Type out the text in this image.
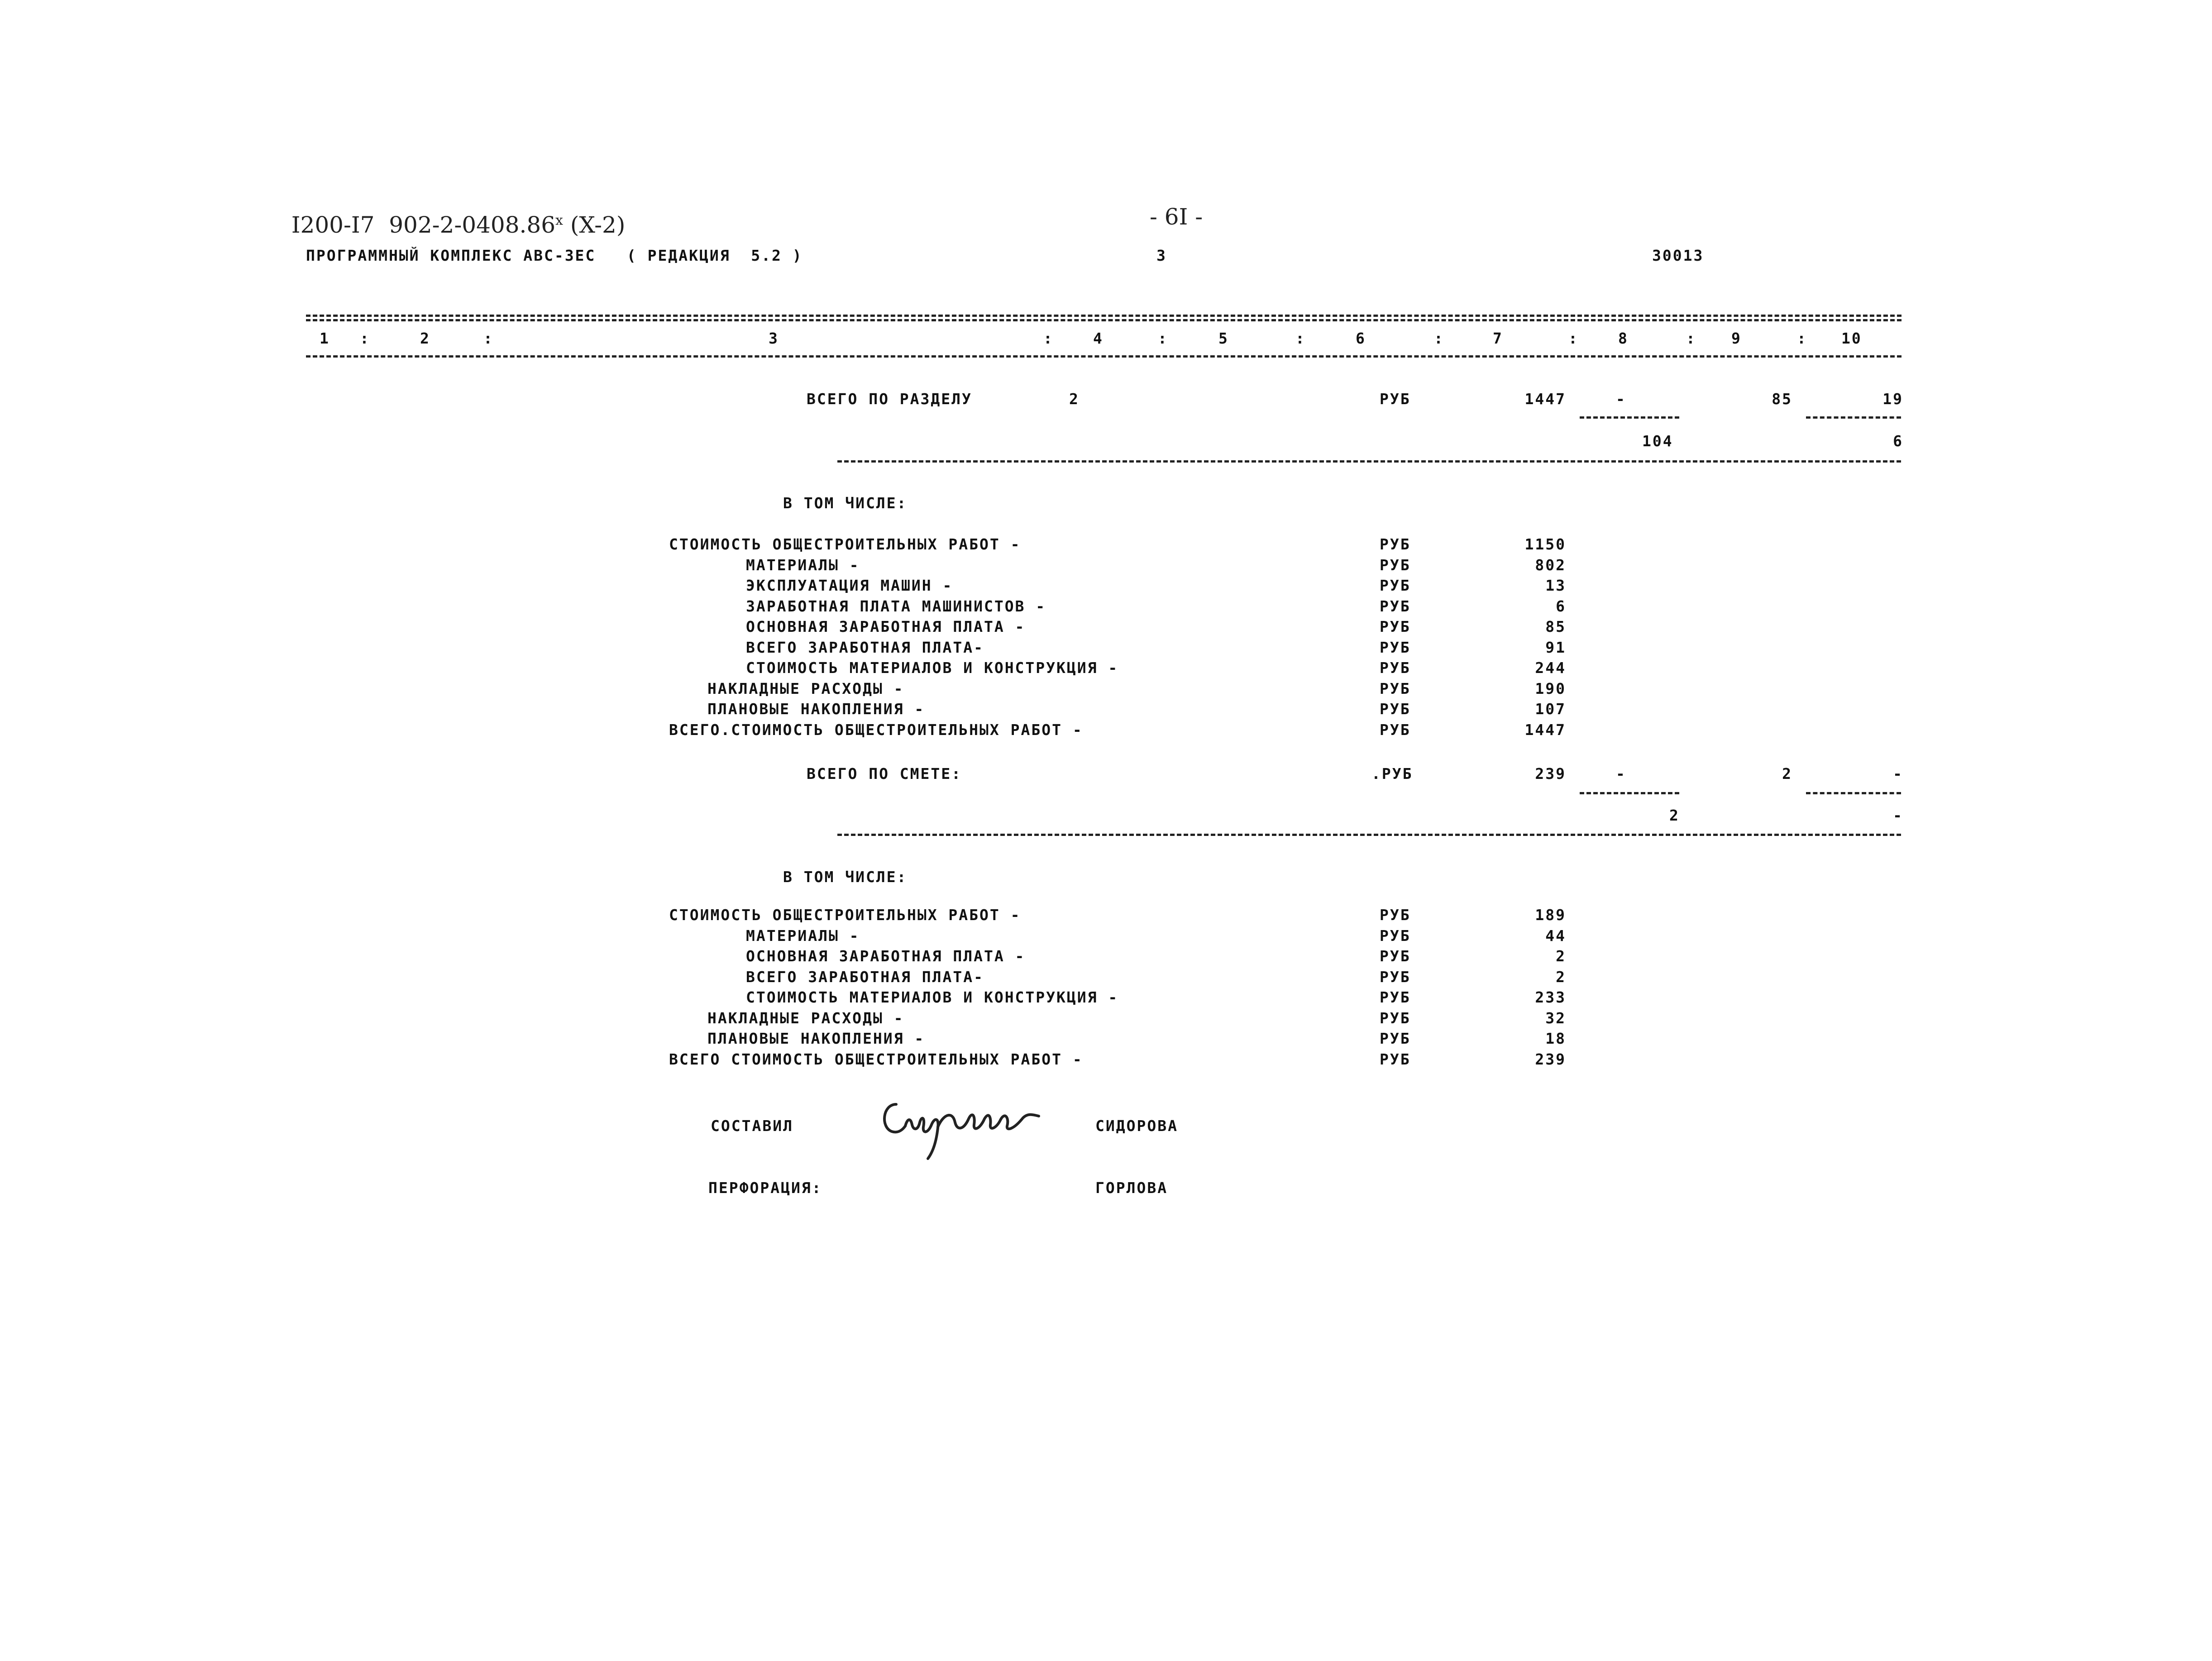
I200-I7  902-2-0408.86$^x$ (X-2)	- 6I -
ПРОГРАММНЫЙ КОМПЛЕКС АВС-3ЕС   ( РЕДАКЦИЯ  5.2 )	3	30013
1 :	2	:	3	:	4	:	5	:	6	:	7	:	8	: 9	: 10
ВСЕГО ПО РАЗДЕЛУ	2	РУБ	1447	-	85	19
104	6
В ТОМ ЧИСЛЕ:
СТОИМОСТЬ ОБЩЕСТРОИТЕЛЬНЫХ РАБОТ -	РУБ	1150
МАТЕРИАЛЫ -	РУБ	802
ЭКСПЛУАТАЦИЯ МАШИН -	РУБ	13
ЗАРАБОТНАЯ ПЛАТА МАШИНИСТОВ -	РУБ	6
ОСНОВНАЯ ЗАРАБОТНАЯ ПЛАТА -	РУБ	85
ВСЕГО ЗАРАБОТНАЯ ПЛАТА-	РУБ	91
СТОИМОСТЬ МАТЕРИАЛОВ И КОНСТРУКЦИЯ -	РУБ	244
НАКЛАДНЫЕ РАСХОДЫ -	РУБ	190
ПЛАНОВЫЕ НАКОПЛЕНИЯ -	РУБ	107
ВСЕГО.СТОИМОСТЬ ОБЩЕСТРОИТЕЛЬНЫХ РАБОТ -	РУБ	1447
ВСЕГО ПО СМЕТЕ:	.РУБ	239	-	2	-
2	-
В ТОМ ЧИСЛЕ:
СТОИМОСТЬ ОБЩЕСТРОИТЕЛЬНЫХ РАБОТ -	РУБ	189
МАТЕРИАЛЫ -	РУБ	44
ОСНОВНАЯ ЗАРАБОТНАЯ ПЛАТА -	РУБ	2
ВСЕГО ЗАРАБОТНАЯ ПЛАТА-	РУБ	2
СТОИМОСТЬ МАТЕРИАЛОВ И КОНСТРУКЦИЯ -	РУБ	233
НАКЛАДНЫЕ РАСХОДЫ -	РУБ	32
ПЛАНОВЫЕ НАКОПЛЕНИЯ -	РУБ	18
ВСЕГО СТОИМОСТЬ ОБЩЕСТРОИТЕЛЬНЫХ РАБОТ -	РУБ	239
СОСТАВИЛ	СИДОРОВА
ПЕРФОРАЦИЯ:	ГОРЛОВА
